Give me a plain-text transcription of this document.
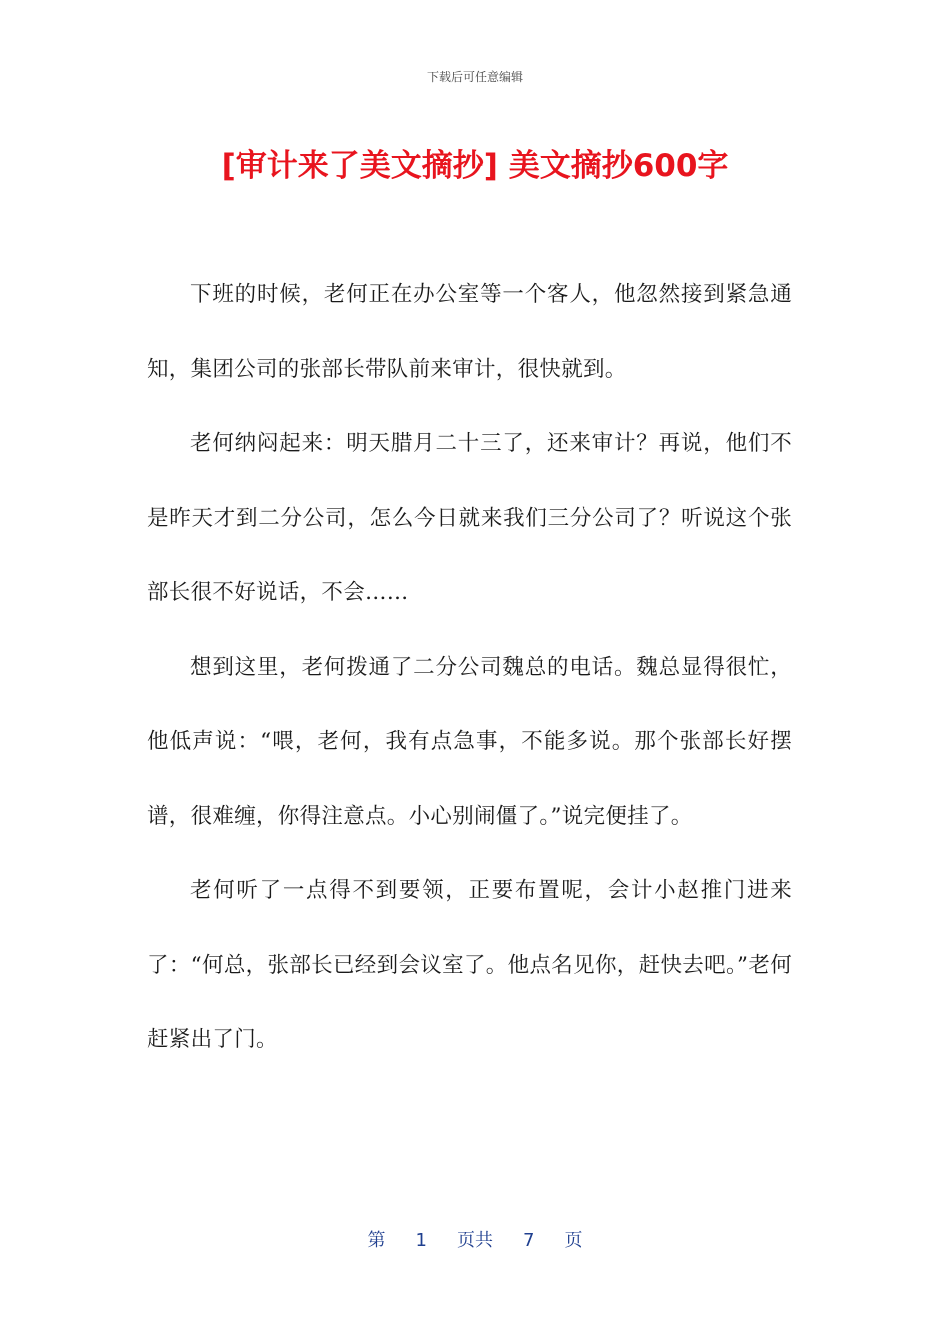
下载后可任意编辑
[审计来了美文摘抄] 美文摘抄600字

下班的时候，老何正在办公室等一个客人，他忽然接到紧急通知，集团公司的张部长带队前来审计，很快就到。

老何纳闷起来：明天腊月二十三了，还来审计？再说，他们不是昨天才到二分公司，怎么今日就来我们三分公司了？听说这个张部长很不好说话，不会……

想到这里，老何拨通了二分公司魏总的电话。魏总显得很忙，他低声说：“喂，老何，我有点急事，不能多说。那个张部长好摆谱，很难缠，你得注意点。小心别闹僵了。”说完便挂了。

老何听了一点得不到要领，正要布置呢，会计小赵推门进来了：“何总，张部长已经到会议室了。他点名见你，赶快去吧。”老何赶紧出了门。

第 1 页共 7 页
